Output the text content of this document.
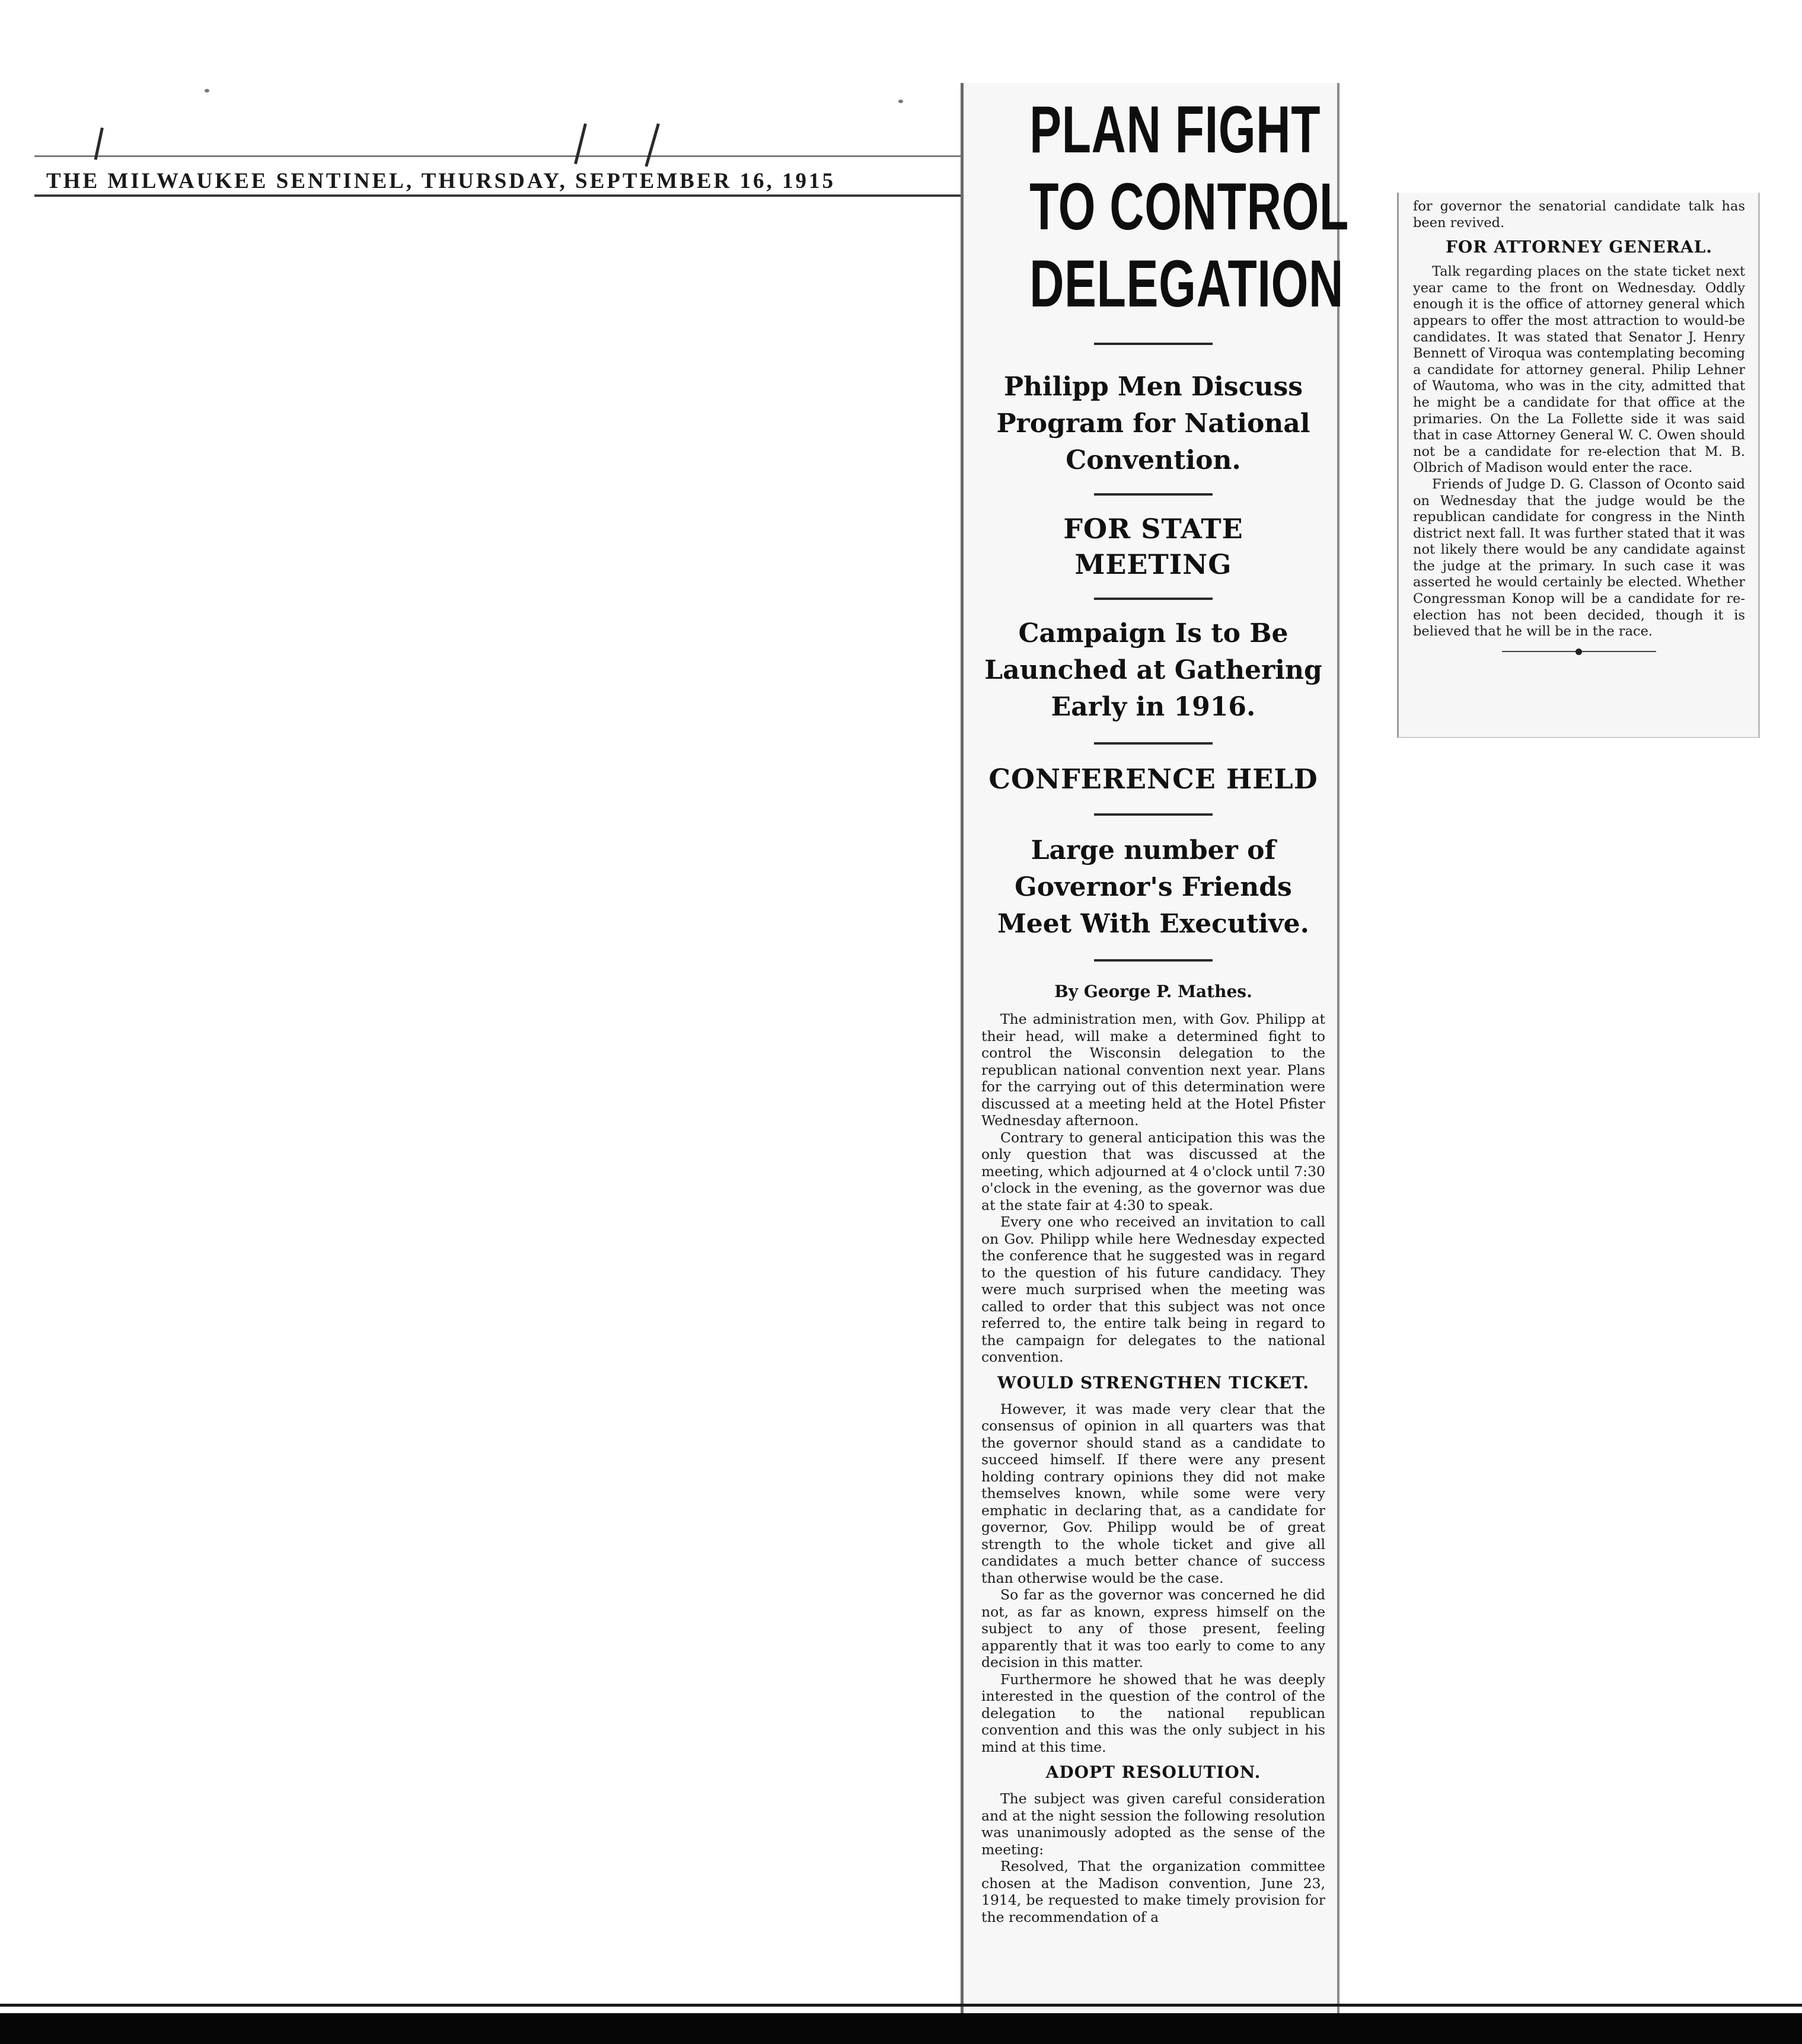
THE MILWAUKEE SENTINEL, THURSDAY, SEPTEMBER 16, 1915
PLAN FIGHT
TO CONTROL
DELEGATION

Philipp Men Discuss Program for National Convention.

FOR STATE MEETING

Campaign Is to Be Launched at Gathering Early in 1916.

CONFERENCE HELD

Large number of Governor's Friends Meet With Executive.

By George P. Mathes.

The administration men, with Gov. Philipp at their head, will make a determined fight to control the Wisconsin delegation to the republican national convention next year. Plans for the carrying out of this determination were discussed at a meeting held at the Hotel Pfister Wednesday afternoon.

Contrary to general anticipation this was the only question that was discussed at the meeting, which adjourned at 4 o'clock until 7:30 o'clock in the evening, as the governor was due at the state fair at 4:30 to speak.

Every one who received an invitation to call on Gov. Philipp while here Wednesday expected the conference that he suggested was in regard to the question of his future candidacy. They were much surprised when the meeting was called to order that this subject was not once referred to, the entire talk being in regard to the campaign for delegates to the national convention.

WOULD STRENGTHEN TICKET.

However, it was made very clear that the consensus of opinion in all quarters was that the governor should stand as a candidate to succeed himself. If there were any present holding contrary opinions they did not make themselves known, while some were very emphatic in declaring that, as a candidate for governor, Gov. Philipp would be of great strength to the whole ticket and give all candidates a much better chance of success than otherwise would be the case.

So far as the governor was concerned he did not, as far as known, express himself on the subject to any of those present, feeling apparently that it was too early to come to any decision in this matter.

Furthermore he showed that he was deeply interested in the question of the control of the delegation to the national republican convention and this was the only subject in his mind at this time.

ADOPT RESOLUTION.

The subject was given careful consideration and at the night session the following resolution was unanimously adopted as the sense of the meeting:

Resolved, That the organization committee chosen at the Madison convention, June 23, 1914, be requested to make timely provision for the recommendation of a

for governor the senatorial candidate talk has been revived.

FOR ATTORNEY GENERAL.

Talk regarding places on the state ticket next year came to the front on Wednesday. Oddly enough it is the office of attorney general which appears to offer the most attraction to would-be candidates. It was stated that Senator J. Henry Bennett of Viroqua was contemplating becoming a candidate for attorney general. Philip Lehner of Wautoma, who was in the city, admitted that he might be a candidate for that office at the primaries. On the La Follette side it was said that in case Attorney General W. C. Owen should not be a candidate for re-election that M. B. Olbrich of Madison would enter the race.

Friends of Judge D. G. Classon of Oconto said on Wednesday that the judge would be the republican candidate for congress in the Ninth district next fall. It was further stated that it was not likely there would be any candidate against the judge at the primary. In such case it was asserted he would certainly be elected. Whether Congressman Konop will be a candidate for re-election has not been decided, though it is believed that he will be in the race.
